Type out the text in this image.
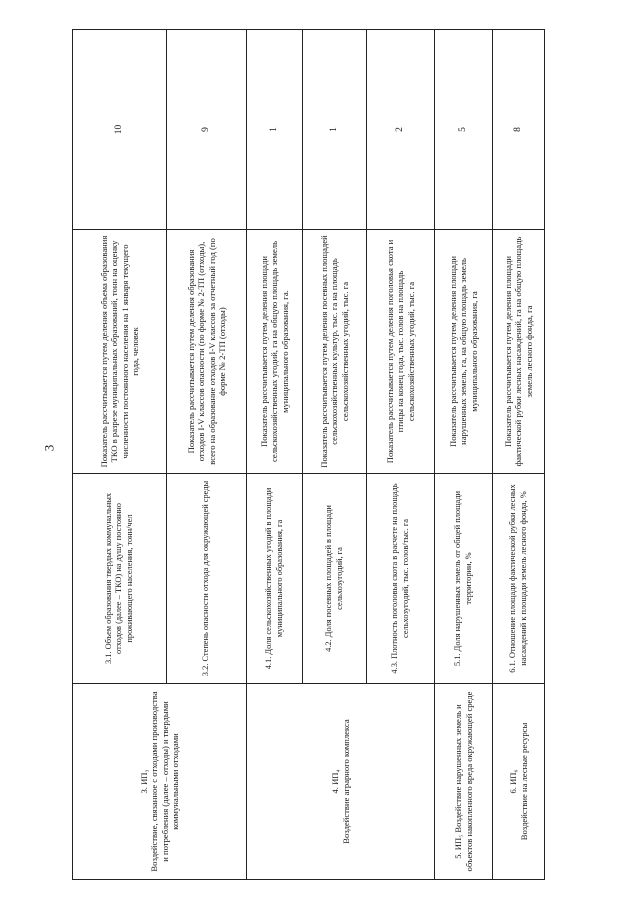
3
3. ИП₃
Воздействие, связанное с отходами производства и потребления (далее – отходы) и твердыми коммунальными отходами	3.1. Объем образования твердых коммунальных отходов (далее – ТКО) на душу постоянно проживающего населения, тонн/чел	Показатель рассчитывается путем деления объема образования ТКО в разрезе муниципальных образований, тонн на оценку численности постоянного населения на 1 января текущего года, человек	10
	3.2. Степень опасности отхода для окружающей среды	Показатель рассчитывается путем деления образования отходов I-V классов опасности (по форме № 2-ТП (отходы), всего на образование отходов I-V классов за отчетный год (по форме № 2-ТП (отходы)	9
4. ИП₄
Воздействие аграрного комплекса	4.1. Доля сельскохозяйственных угодий в площади муниципального образования, га	Показатель рассчитывается путем деления площади сельскохозяйственных угодий, га на общую площадь земель муниципального образования, га.	1
	4.2. Доля посевных площадей в площади сельхозугодий, га	Показатель рассчитывается путем деления посевных площадей сельскохозяйственных культур, тыс. га на площадь сельскохозяйственных угодий, тыс. га	1
	4.3. Плотность поголовья скота в расчете на площадь сельхозугодий, тыс. голов/тыс. га	Показатель рассчитывается путем деления поголовья скота и птицы на конец года, тыс. голов на площадь сельскохозяйственных угодий, тыс. га	2
5. ИП₅ Воздействие нарушенных земель и объектов накопленного вреда окружающей среде	5.1. Доля нарушенных земель от общей площади территории, %	Показатель рассчитывается путем деления площади нарушенных земель, га, на общую площадь земель муниципального образования, га	5
6. ИП₆
Воздействие на лесные ресурсы	6.1. Отношение площади фактической рубки лесных насаждений к площади земель лесного фонда, %	Показатель рассчитывается путем деления площади фактической рубки лесных насаждений, га на общую площадь земель лесного фонда, га	8
